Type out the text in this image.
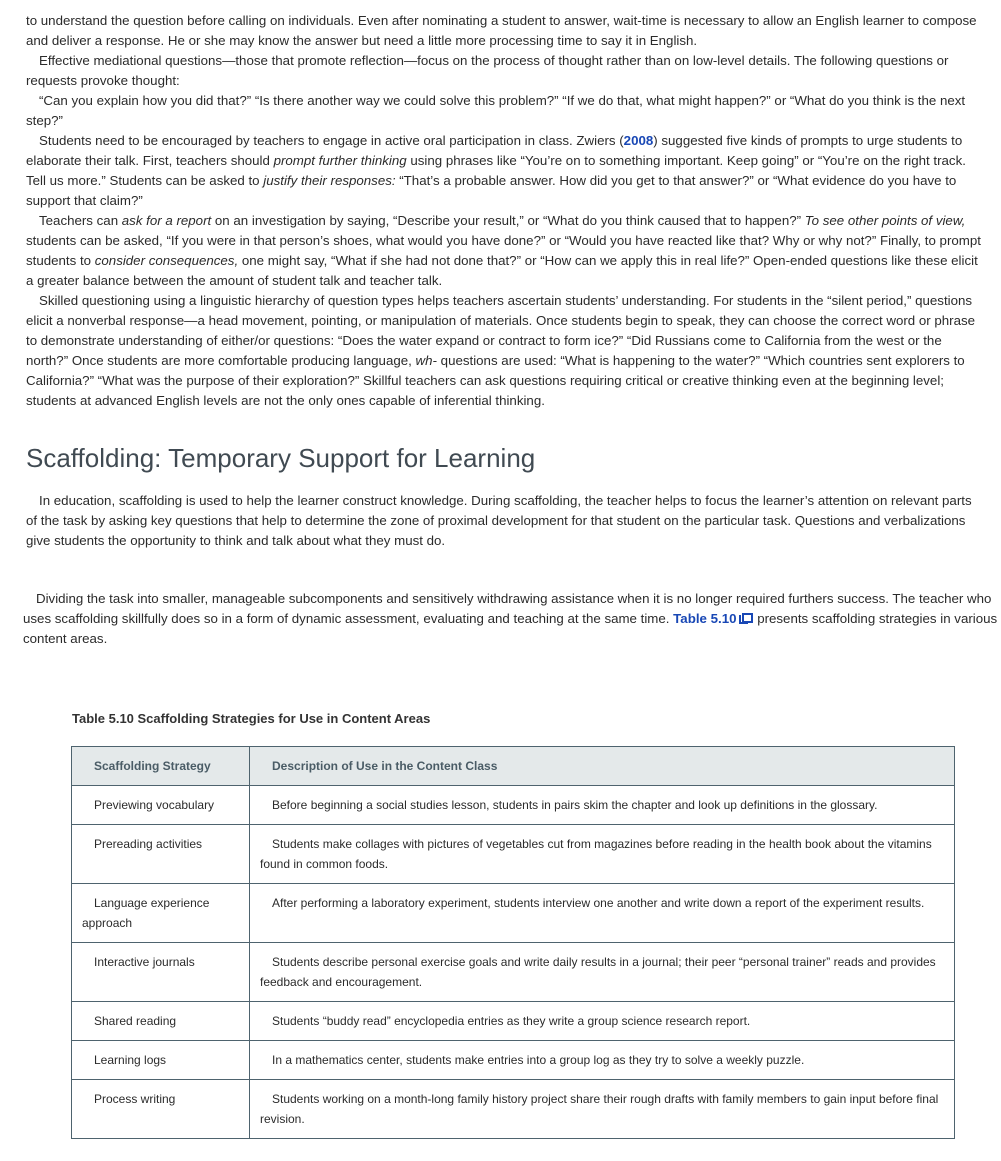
to understand the question before calling on individuals. Even after nominating a student to answer, wait-time is necessary to allow an English learner to compose and deliver a response. He or she may know the answer but need a little more processing time to say it in English.

Effective mediational questions—those that promote reflection—focus on the process of thought rather than on low-level details. The following questions or requests provoke thought:

“Can you explain how you did that?” “Is there another way we could solve this problem?” “If we do that, what might happen?” or “What do you think is the next step?”

Students need to be encouraged by teachers to engage in active oral participation in class. Zwiers (2008) suggested five kinds of prompts to urge students to elaborate their talk. First, teachers should prompt further thinking using phrases like “You’re on to something important. Keep going” or “You’re on the right track. Tell us more.” Students can be asked to justify their responses: “That’s a probable answer. How did you get to that answer?” or “What evidence do you have to support that claim?”

Teachers can ask for a report on an investigation by saying, “Describe your result,” or “What do you think caused that to happen?” To see other points of view, students can be asked, “If you were in that person’s shoes, what would you have done?” or “Would you have reacted like that? Why or why not?” Finally, to prompt students to consider consequences, one might say, “What if she had not done that?” or “How can we apply this in real life?” Open-ended questions like these elicit a greater balance between the amount of student talk and teacher talk.

Skilled questioning using a linguistic hierarchy of question types helps teachers ascertain students’ understanding. For students in the “silent period,” questions elicit a nonverbal response—a head movement, pointing, or manipulation of materials. Once students begin to speak, they can choose the correct word or phrase to demonstrate understanding of either/or questions: “Does the water expand or contract to form ice?” “Did Russians come to California from the west or the north?” Once students are more comfortable producing language, wh- questions are used: “What is happening to the water?” “Which countries sent explorers to California?” “What was the purpose of their exploration?” Skillful teachers can ask questions requiring critical or creative thinking even at the beginning level; students at advanced English levels are not the only ones capable of inferential thinking.

Scaffolding: Temporary Support for Learning

In education, scaffolding is used to help the learner construct knowledge. During scaffolding, the teacher helps to focus the learner’s attention on relevant parts of the task by asking key questions that help to determine the zone of proximal development for that student on the particular task. Questions and verbalizations give students the opportunity to think and talk about what they must do.

Dividing the task into smaller, manageable subcomponents and sensitively withdrawing assistance when it is no longer required furthers success. The teacher who uses scaffolding skillfully does so in a form of dynamic assessment, evaluating and teaching at the same time. Table 5.10 presents scaffolding strategies in various content areas.

Table 5.10 Scaffolding Strategies for Use in Content Areas

Scaffolding Strategy	Description of Use in the Content Class
Previewing vocabulary	Before beginning a social studies lesson, students in pairs skim the chapter and look up definitions in the glossary.
Prereading activities	Students make collages with pictures of vegetables cut from magazines before reading in the health book about the vitamins found in common foods.
Language experience approach	After performing a laboratory experiment, students interview one another and write down a report of the experiment results.
Interactive journals	Students describe personal exercise goals and write daily results in a journal; their peer “personal trainer” reads and provides feedback and encouragement.
Shared reading	Students “buddy read” encyclopedia entries as they write a group science research report.
Learning logs	In a mathematics center, students make entries into a group log as they try to solve a weekly puzzle.
Process writing	Students working on a month-long family history project share their rough drafts with family members to gain input before final revision.
